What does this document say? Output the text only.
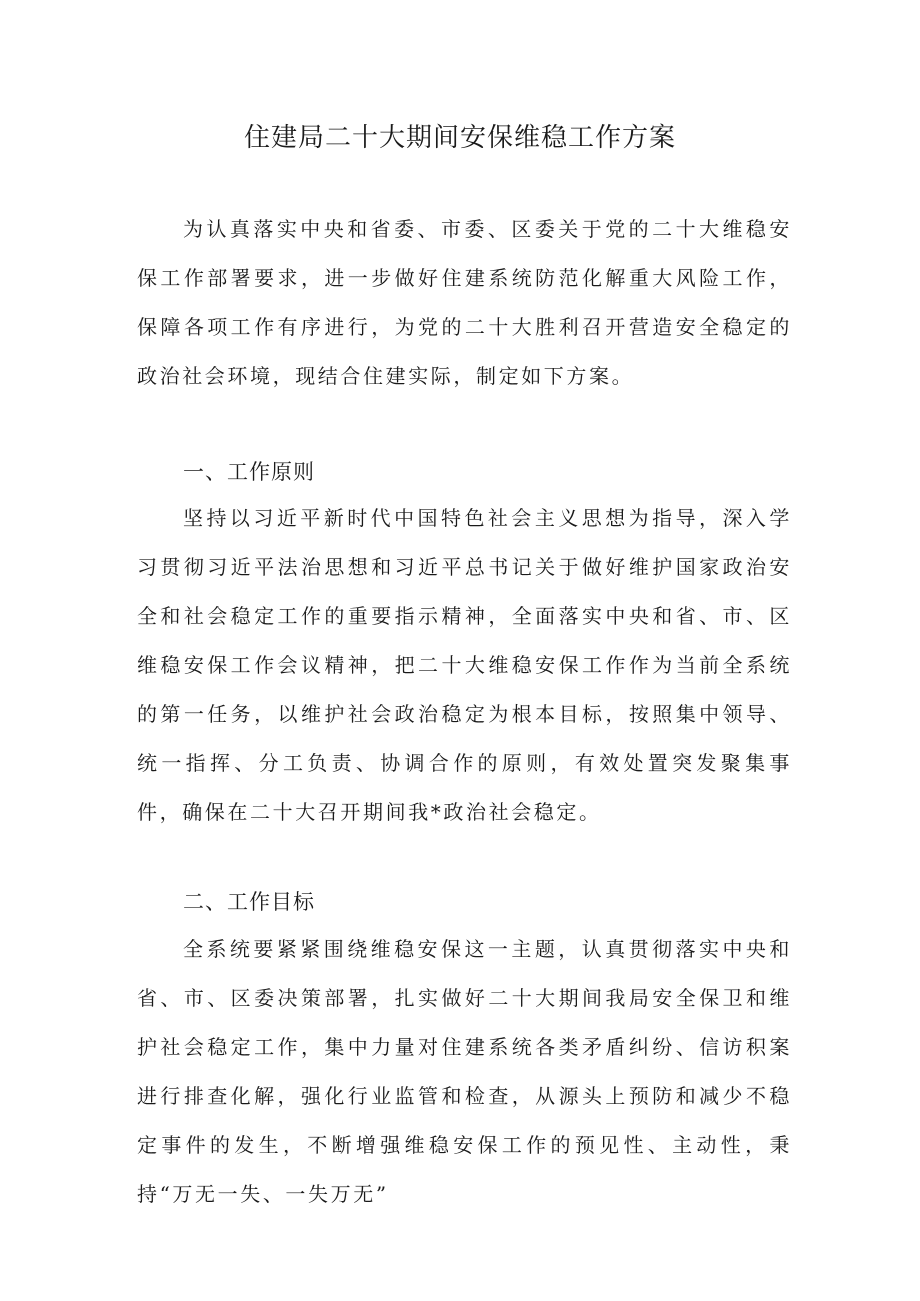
住建局二十大期间安保维稳工作方案

为认真落实中央和省委、市委、区委关于党的二十大维稳安保工作部署要求，进一步做好住建系统防范化解重大风险工作，保障各项工作有序进行，为党的二十大胜利召开营造安全稳定的政治社会环境，现结合住建实际，制定如下方案。

一、工作原则

坚持以习近平新时代中国特色社会主义思想为指导，深入学习贯彻习近平法治思想和习近平总书记关于做好维护国家政治安全和社会稳定工作的重要指示精神，全面落实中央和省、市、区维稳安保工作会议精神，把二十大维稳安保工作作为当前全系统的第一任务，以维护社会政治稳定为根本目标，按照集中领导、统一指挥、分工负责、协调合作的原则，有效处置突发聚集事件，确保在二十大召开期间我*政治社会稳定。

二、工作目标

全系统要紧紧围绕维稳安保这一主题，认真贯彻落实中央和省、市、区委决策部署，扎实做好二十大期间我局安全保卫和维护社会稳定工作，集中力量对住建系统各类矛盾纠纷、信访积案进行排查化解，强化行业监管和检查，从源头上预防和减少不稳定事件的发生，不断增强维稳安保工作的预见性、主动性，秉持“万无一失、一失万无”
